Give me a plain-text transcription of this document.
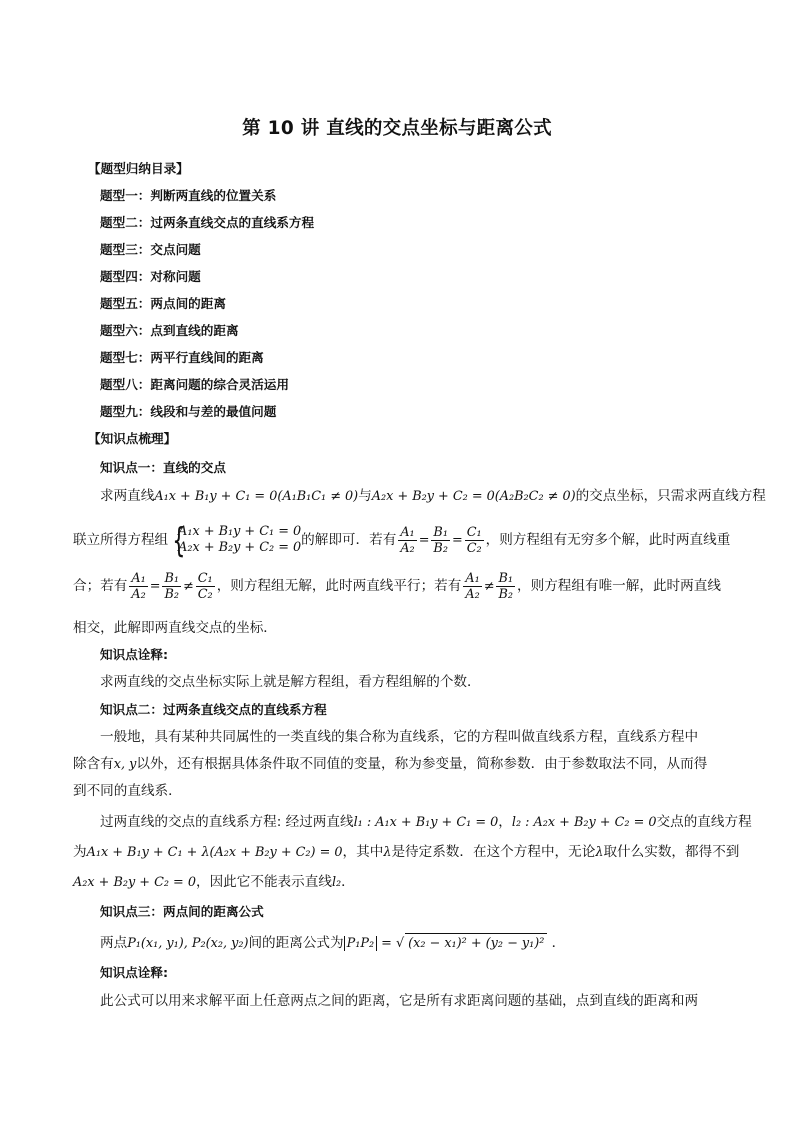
第 10 讲 直线的交点坐标与距离公式
【题型归纳目录】
题型一：判断两直线的位置关系
题型二：过两条直线交点的直线系方程
题型三：交点问题
题型四：对称问题
题型五：两点间的距离
题型六：点到直线的距离
题型七：两平行直线间的距离
题型八：距离问题的综合灵活运用
题型九：线段和与差的最值问题
【知识点梳理】
知识点一：直线的交点
求两直线A₁x + B₁y + C₁ = 0(A₁B₁C₁ ≠ 0)与A₂x + B₂y + C₂ = 0(A₂B₂C₂ ≠ 0)的交点坐标，只需求两直线方程
联立所得方程组 {
A₁x + B₁y + C₁ = 0
A₂x + B₂y + C₂ = 0 的解即可．若有 $\frac{\text{A₁}}{\text{A₂}} = \frac{\text{B₁}}{\text{B₂}} = \frac{\text{C₁}}{\text{C₂}}$ ，则方程组有无穷多个解，此时两直线重
合；若有 $\frac{\text{A₁}}{\text{A₂}} = \frac{\text{B₁}}{\text{B₂}} \ne \frac{\text{C₁}}{\text{C₂}}$ ，则方程组无解，此时两直线平行；若有 $\frac{\text{A₁}}{\text{A₂}} \ne \frac{\text{B₁}}{\text{B₂}}$ ，则方程组有唯一解，此时两直线
相交，此解即两直线交点的坐标．
知识点诠释:
求两直线的交点坐标实际上就是解方程组，看方程组解的个数．
知识点二：过两条直线交点的直线系方程
一般地，具有某种共同属性的一类直线的集合称为直线系，它的方程叫做直线系方程，直线系方程中
除含有x, y以外，还有根据具体条件取不同值的变量，称为参变量，简称参数．由于参数取法不同，从而得
到不同的直线系．
过两直线的交点的直线系方程: 经过两直线l₁ : A₁x + B₁y + C₁ = 0，l₂ : A₂x + B₂y + C₂ = 0交点的直线方程
为A₁x + B₁y + C₁ + λ(A₂x + B₂y + C₂) = 0，其中λ是待定系数．在这个方程中，无论λ取什么实数，都得不到
A₂x + B₂y + C₂ = 0，因此它不能表示直线l₂．
知识点三：两点间的距离公式
两点P₁(x₁, y₁), P₂(x₂, y₂)间的距离公式为 P₁P₂ = √ (x₂ − x₁)² + (y₂ − y₁)² ．
知识点诠释:
此公式可以用来求解平面上任意两点之间的距离，它是所有求距离问题的基础，点到直线的距离和两
